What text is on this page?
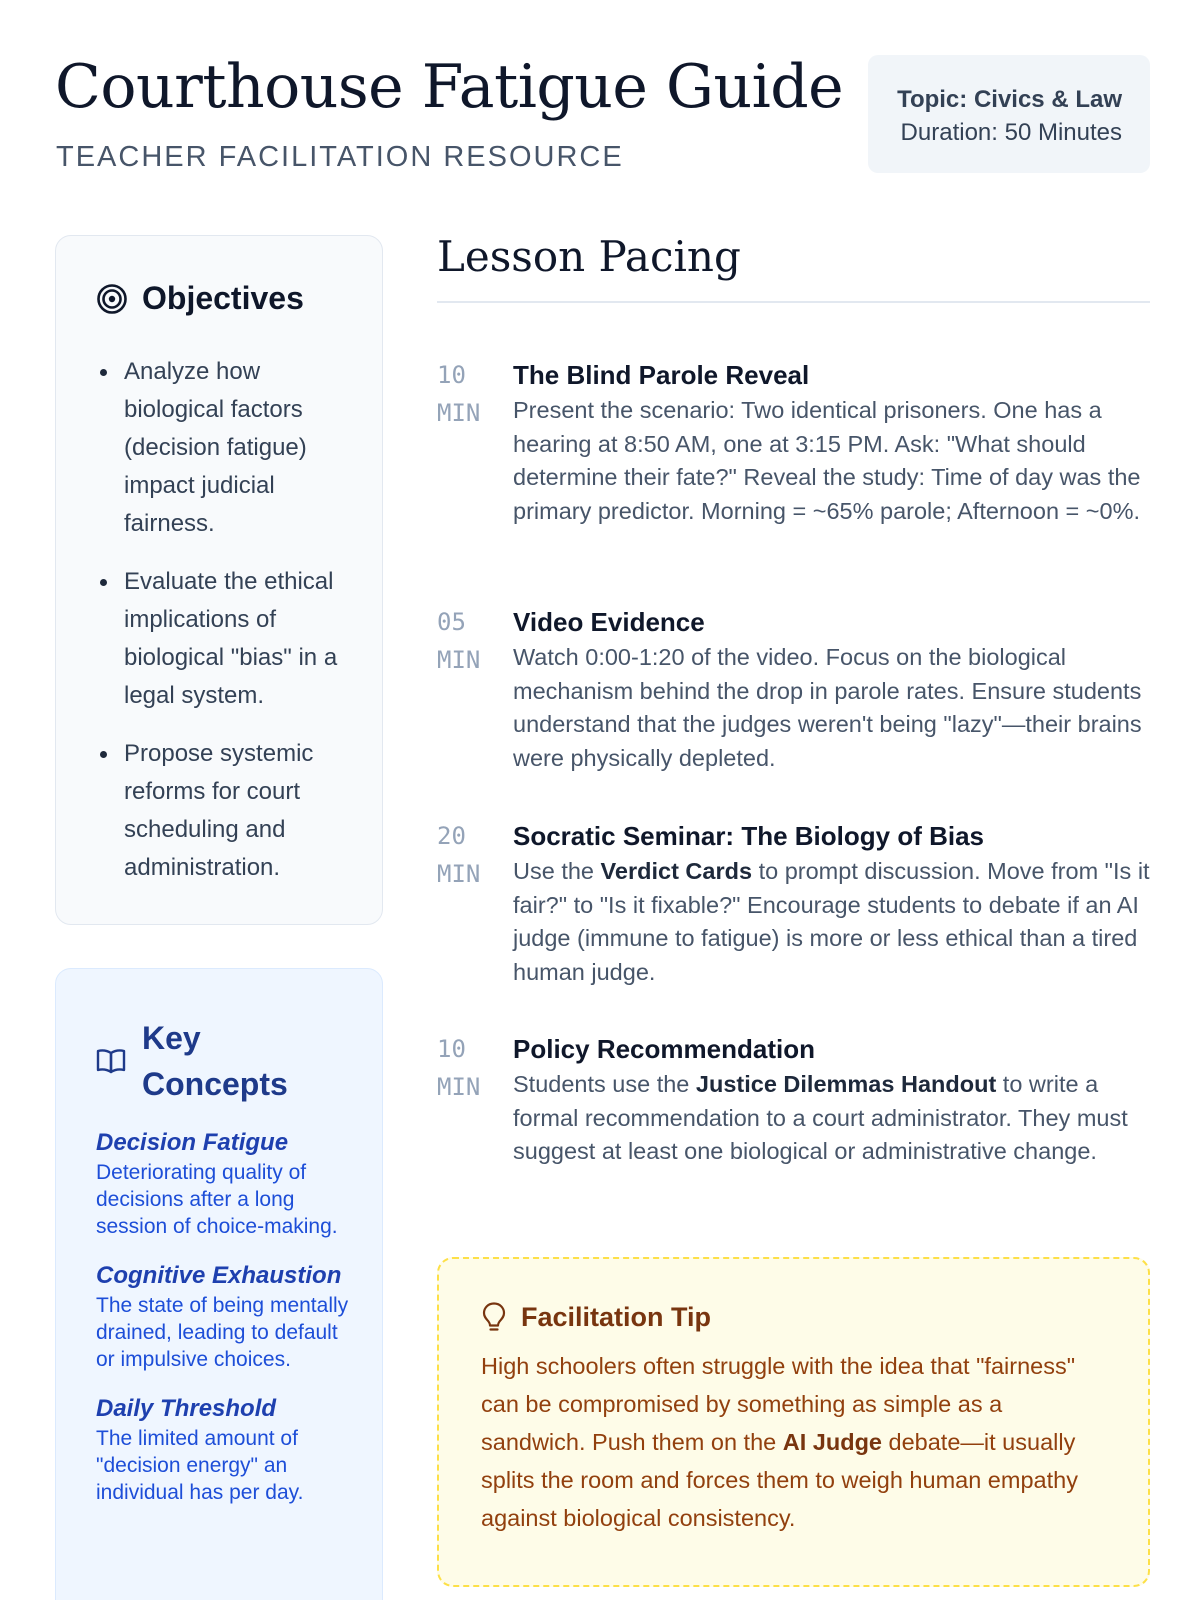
Courthouse Fatigue Guide
TEACHER FACILITATION RESOURCE
Topic: Civics & Law
Duration: 50 Minutes
Objectives
Analyze how biological factors (decision fatigue) impact judicial fairness.
Evaluate the ethical implications of biological "bias" in a legal system.
Propose systemic reforms for court scheduling and administration.
Key
Concepts
Decision Fatigue
Deteriorating quality of decisions after a long session of choice-making.
Cognitive Exhaustion
The state of being mentally drained, leading to default or impulsive choices.
Daily Threshold
The limited amount of "decision energy" an individual has per day.
Lesson Pacing
10
MIN
The Blind Parole Reveal
Present the scenario: Two identical prisoners. One has a hearing at 8:50 AM, one at 3:15 PM. Ask: "What should determine their fate?" Reveal the study: Time of day was the primary predictor. Morning = ~65% parole; Afternoon = ~0%.
05
MIN
Video Evidence
Watch 0:00-1:20 of the video. Focus on the biological mechanism behind the drop in parole rates. Ensure students understand that the judges weren't being "lazy"—their brains were physically depleted.
20
MIN
Socratic Seminar: The Biology of Bias
Use the Verdict Cards to prompt discussion. Move from "Is it fair?" to "Is it fixable?" Encourage students to debate if an AI judge (immune to fatigue) is more or less ethical than a tired human judge.
10
MIN
Policy Recommendation
Students use the Justice Dilemmas Handout to write a formal recommendation to a court administrator. They must suggest at least one biological or administrative change.
Facilitation Tip
High schoolers often struggle with the idea that "fairness" can be compromised by something as simple as a sandwich. Push them on the AI Judge debate—it usually splits the room and forces them to weigh human empathy against biological consistency.
